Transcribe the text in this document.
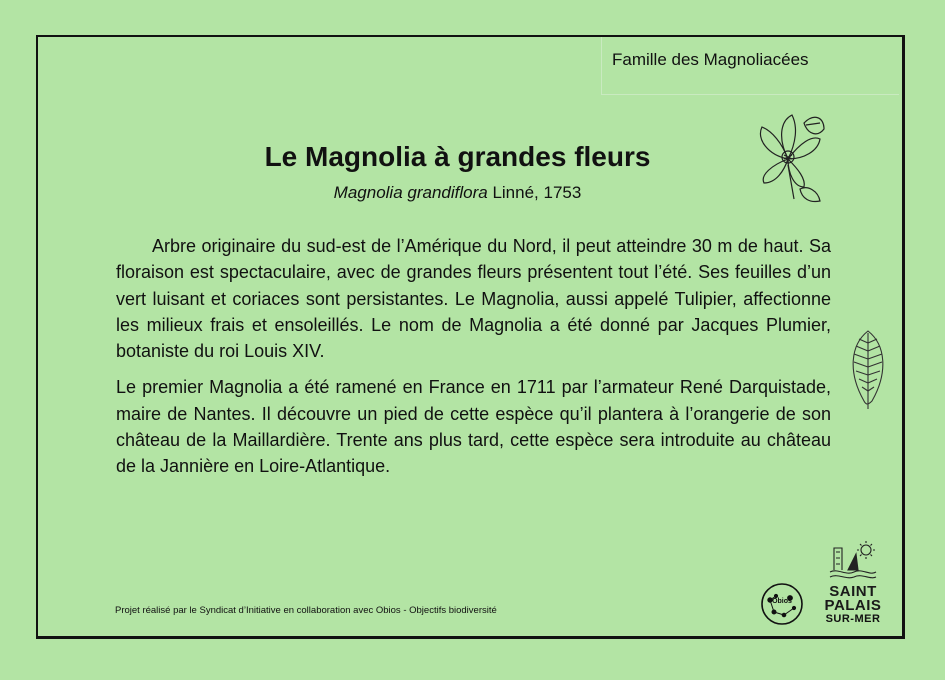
Famille des Magnoliacées
Le Magnolia à grandes fleurs
Magnolia grandiflora Linné, 1753

Arbre originaire du sud-est de l’Amérique du Nord, il peut atteindre 30 m de haut. Sa floraison est spectaculaire, avec de grandes fleurs présentent tout l’été. Ses feuilles d’un vert luisant et coriaces sont persistantes. Le Magnolia, aussi appelé Tulipier, affectionne les milieux frais et ensoleillés. Le nom de Magnolia a été donné par Jacques Plumier, botaniste du roi Louis XIV.

Le premier Magnolia a été ramené en France en 1711 par l’armateur René Darquistade, maire de Nantes. Il découvre un pied de cette espèce qu’il plantera à l’orangerie de son château de la Maillardière. Trente ans plus tard, cette espèce sera introduite au château de la Jannière en Loire-Atlantique.

Projet réalisé par le Syndicat d’Initiative en collaboration avec Obios - Objectifs biodiversité
Obios
SAINT
PALAIS
SUR-MER
